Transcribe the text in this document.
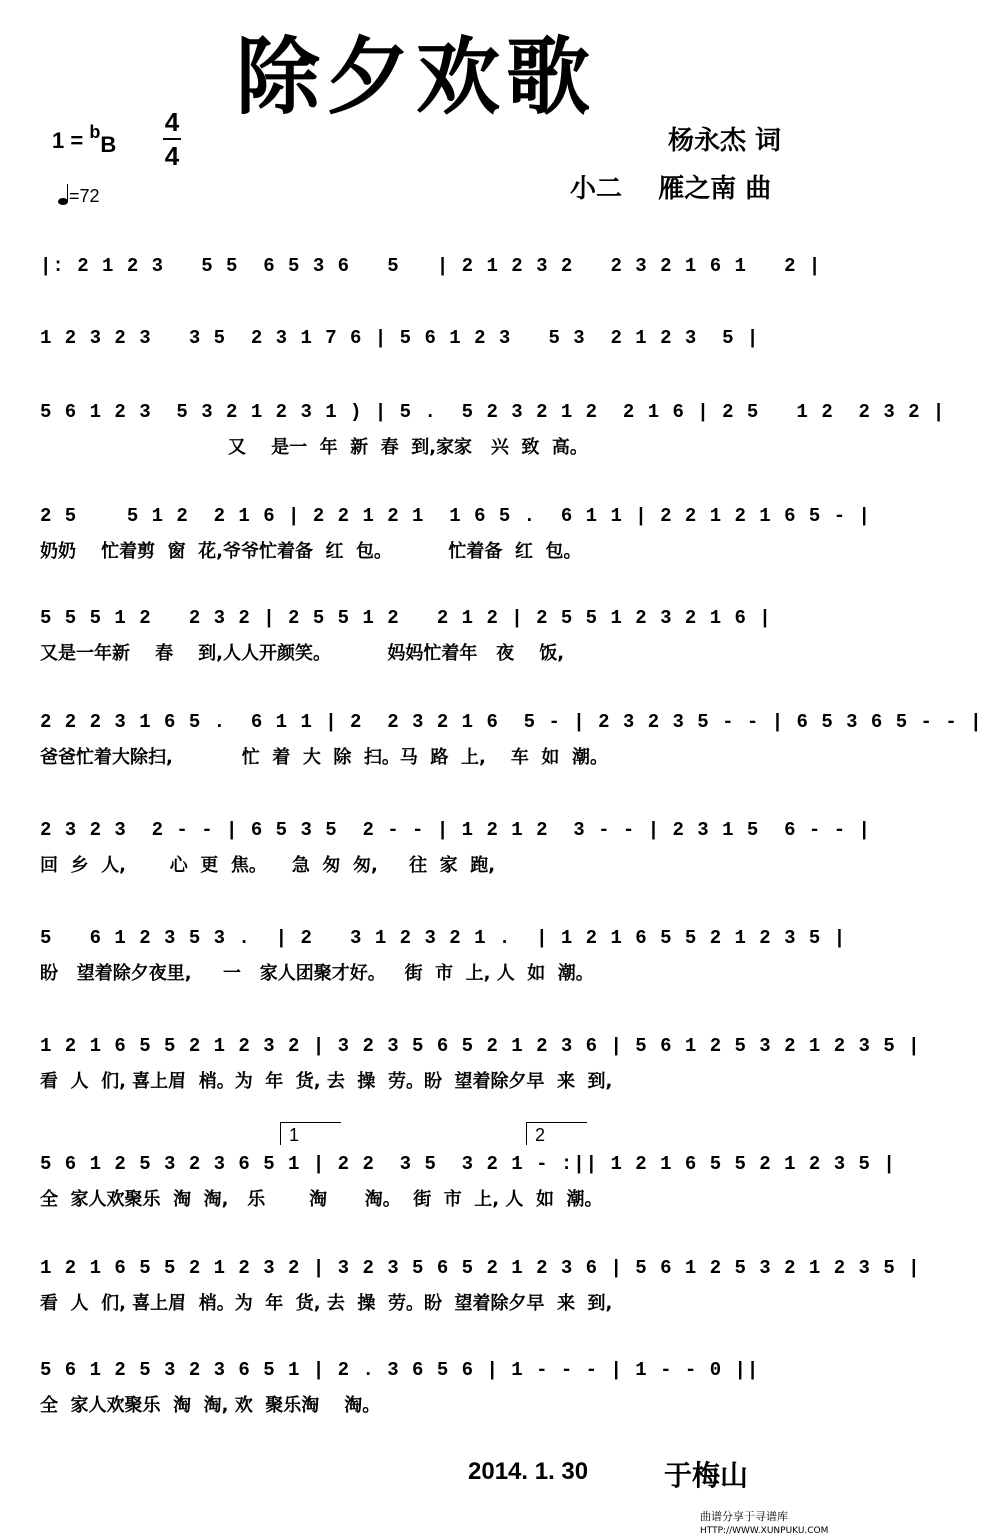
除夕欢歌
1 = $^b$B
4
4
=72
杨永杰 词
小二    雁之南 曲
|: 2 1 2 3   5 5  6 5 3 6   5   | 2 1 2 3 2   2 3 2 1 6 1   2 |
1 2 3 2 3   3 5  2 3 1 7 6 | 5 6 1 2 3   5 3  2 1 2 3  5 |
5 6 1 2 3  5 3 2 1 2 3 1 ) | 5 .  5 2 3 2 1 2  2 1 6 | 2 5   1 2  2 3 2 |
又    是一  年  新  春  到,家家   兴  致  高。
2 5    5 1 2  2 1 6 | 2 2 1 2 1  1 6 5 .  6 1 1 | 2 2 1 2 1 6 5 - |
奶奶    忙着剪  窗  花,爷爷忙着备  红  包。         忙着备  红  包。
5 5 5 1 2   2 3 2 | 2 5 5 1 2   2 1 2 | 2 5 5 1 2 3 2 1 6 |
又是一年新    春    到,人人开颜笑。         妈妈忙着年   夜    饭,
2 2 2 3 1 6 5 .  6 1 1 | 2  2 3 2 1 6  5 - | 2 3 2 3 5 - - | 6 5 3 6 5 - - |
爸爸忙着大除扫,           忙  着  大  除  扫。马  路  上,    车  如  潮。
2 3 2 3  2 - - | 6 5 3 5  2 - - | 1 2 1 2  3 - - | 2 3 1 5  6 - - |
回  乡  人,       心  更  焦。    急  匆  匆,     往  家  跑,
5   6 1 2 3 5 3 .  | 2   3 1 2 3 2 1 .  | 1 2 1 6 5 5 2 1 2 3 5 |
盼   望着除夕夜里,     一   家人团聚才好。   街  市  上, 人  如  潮。
1 2 1 6 5 5 2 1 2 3 2 | 3 2 3 5 6 5 2 1 2 3 6 | 5 6 1 2 5 3 2 1 2 3 5 |
看  人  们, 喜上眉  梢。为  年  货, 去  操  劳。盼  望着除夕早  来  到,
1	2
5 6 1 2 5 3 2 3 6 5 1 | 2 2  3 5  3 2 1 - :|| 1 2 1 6 5 5 2 1 2 3 5 |
全  家人欢聚乐  淘  淘,   乐       淘      淘。  街  市  上, 人  如  潮。
1 2 1 6 5 5 2 1 2 3 2 | 3 2 3 5 6 5 2 1 2 3 6 | 5 6 1 2 5 3 2 1 2 3 5 |
看  人  们, 喜上眉  梢。为  年  货, 去  操  劳。盼  望着除夕早  来  到,
5 6 1 2 5 3 2 3 6 5 1 | 2 . 3 6 5 6 | 1 - - - | 1 - - 0 ||
全  家人欢聚乐  淘  淘, 欢  聚乐淘    淘。
2014. 1. 30	于梅山
曲谱分享于寻谱库
HTTP://WWW.XUNPUKU.COM
